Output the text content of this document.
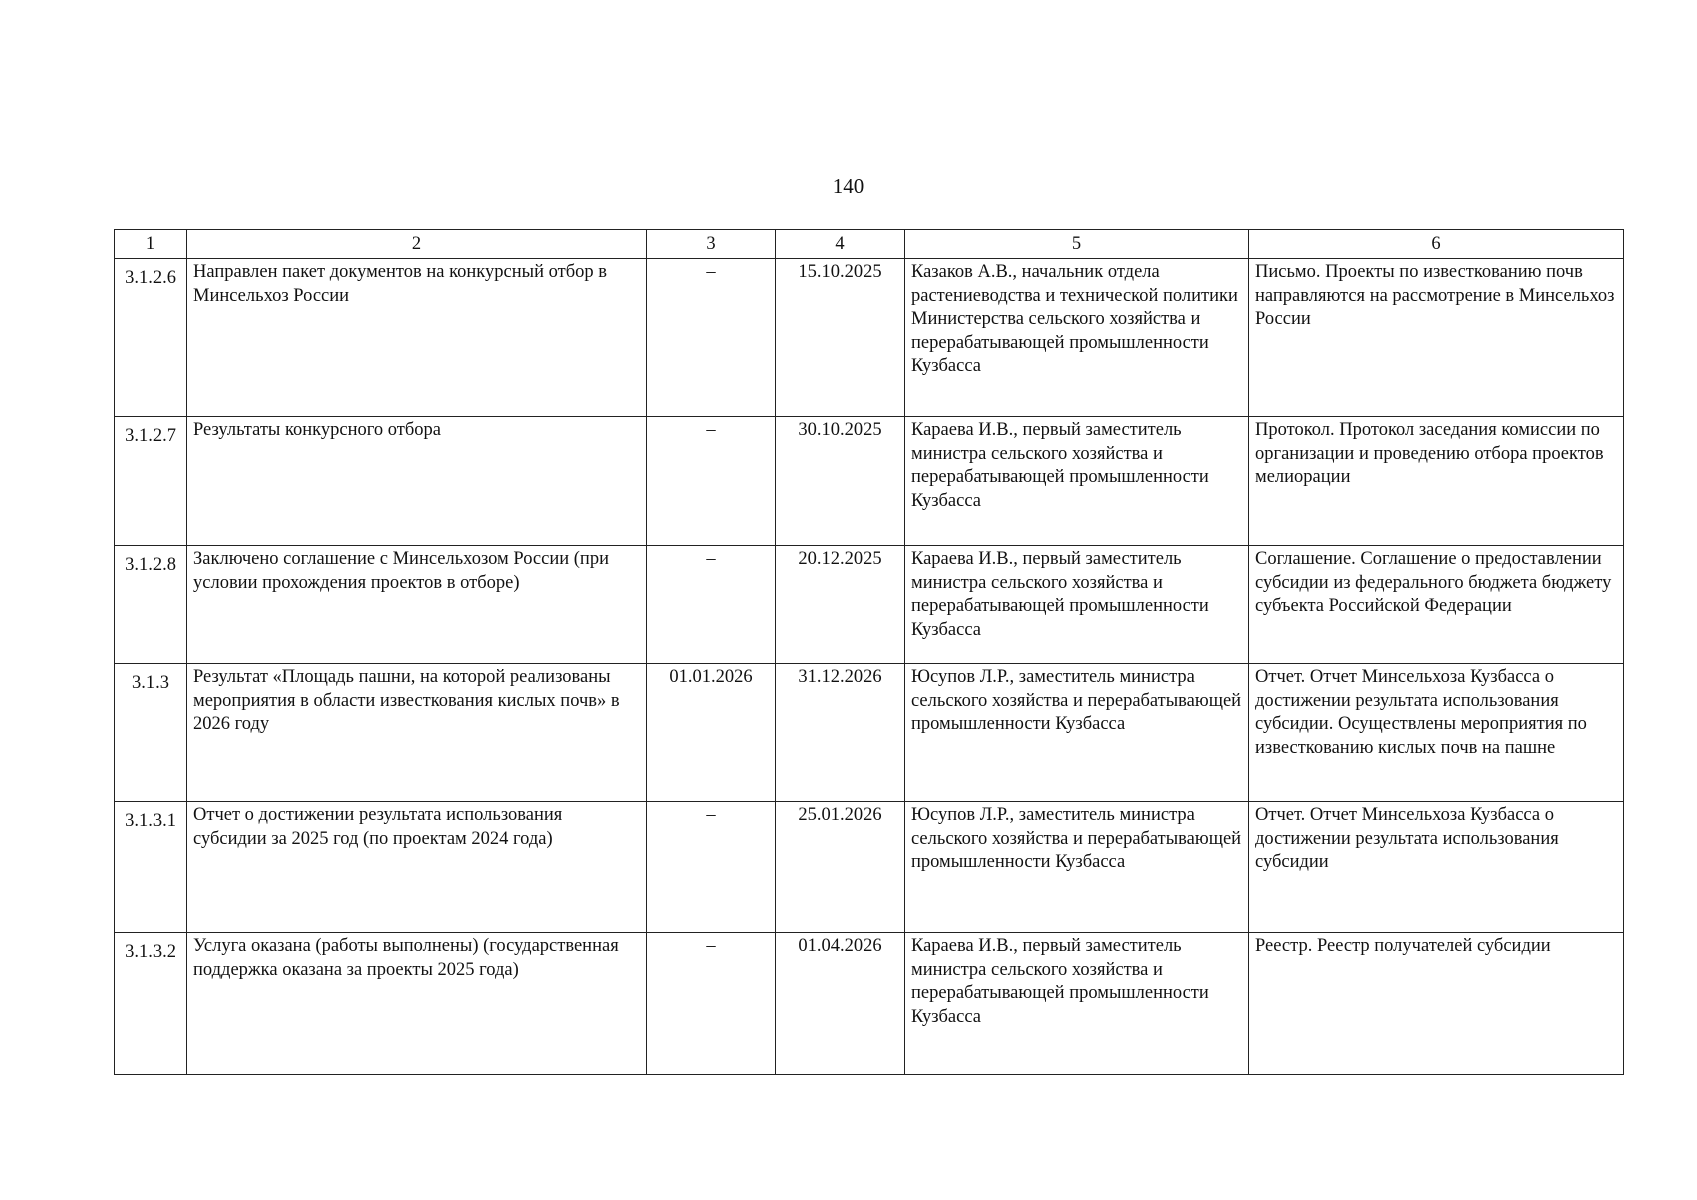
140
1	2	3	4	5	6
3.1.2.6	Направлен пакет документов на конкурсный отбор в Минсельхоз России	–	15.10.2025	Казаков А.В., начальник отдела растениеводства и технической политики Министерства сельского хозяйства и перерабатывающей промышленности Кузбасса	Письмо. Проекты по известкованию почв направляются на рассмотрение в Минсельхоз России
3.1.2.7	Результаты конкурсного отбора	–	30.10.2025	Караева И.В., первый заместитель министра сельского хозяйства и перерабатывающей промышленности Кузбасса	Протокол. Протокол заседания комиссии по организации и проведению отбора проектов мелиорации
3.1.2.8	Заключено соглашение с Минсельхозом России (при условии прохождения проектов в отборе)	–	20.12.2025	Караева И.В., первый заместитель министра сельского хозяйства и перерабатывающей промышленности Кузбасса	Соглашение. Соглашение о предоставлении субсидии из федерального бюджета бюджету субъекта Российской Федерации
3.1.3	Результат «Площадь пашни, на которой реализованы мероприятия в области известкования кислых почв» в 2026 году	01.01.2026	31.12.2026	Юсупов Л.Р., заместитель министра сельского хозяйства и перерабатывающей промышленности Кузбасса	Отчет. Отчет Минсельхоза Кузбасса о достижении результата использования субсидии. Осуществлены мероприятия по известкованию кислых почв на пашне
3.1.3.1	Отчет о достижении результата использования субсидии за 2025 год (по проектам 2024 года)	–	25.01.2026	Юсупов Л.Р., заместитель министра сельского хозяйства и перерабатывающей промышленности Кузбасса	Отчет. Отчет Минсельхоза Кузбасса о достижении результата использования субсидии
3.1.3.2	Услуга оказана (работы выполнены) (государственная поддержка оказана за проекты 2025 года)	–	01.04.2026	Караева И.В., первый заместитель министра сельского хозяйства и перерабатывающей промышленности Кузбасса	Реестр. Реестр получателей субсидии
